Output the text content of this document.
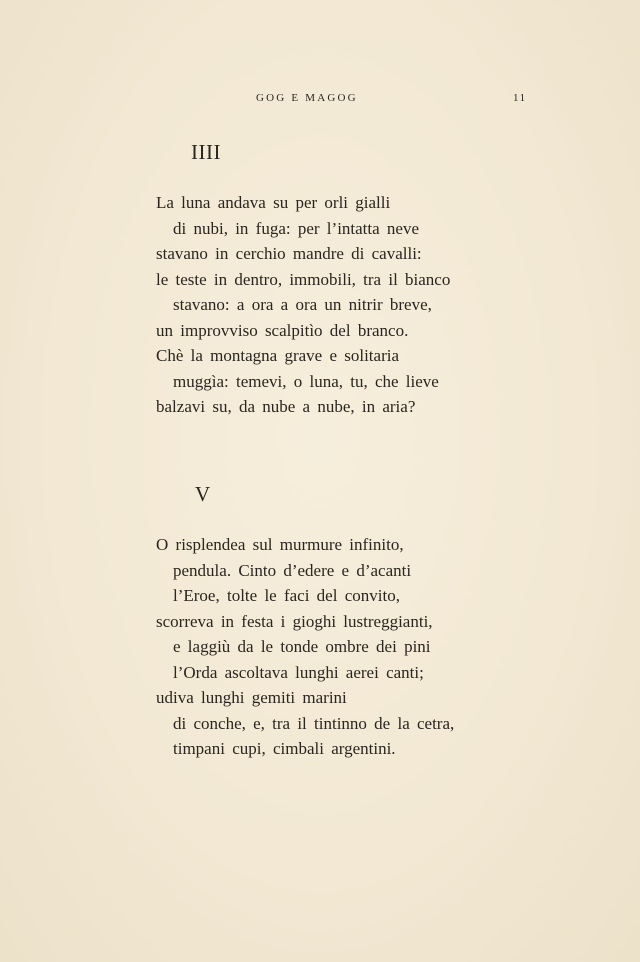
GOG E MAGOG	11
IIII
La luna andava su per orli gialli
di nubi, in fuga: per l’intatta neve
stavano in cerchio mandre di cavalli:
le teste in dentro, immobili, tra il bianco
stavano: a ora a ora un nitrir breve,
un improvviso scalpitìo del branco.
Chè la montagna grave e solitaria
muggìa: temevi, o luna, tu, che lieve
balzavi su, da nube a nube, in aria?
V
O risplendea sul murmure infinito,
pendula. Cinto d’edere e d’acanti
l’Eroe, tolte le faci del convito,
scorreva in festa i gioghi lustreggianti,
e laggiù da le tonde ombre dei pini
l’Orda ascoltava lunghi aerei canti;
udiva lunghi gemiti marini
di conche, e, tra il tintinno de la cetra,
timpani cupi, cimbali argentini.
